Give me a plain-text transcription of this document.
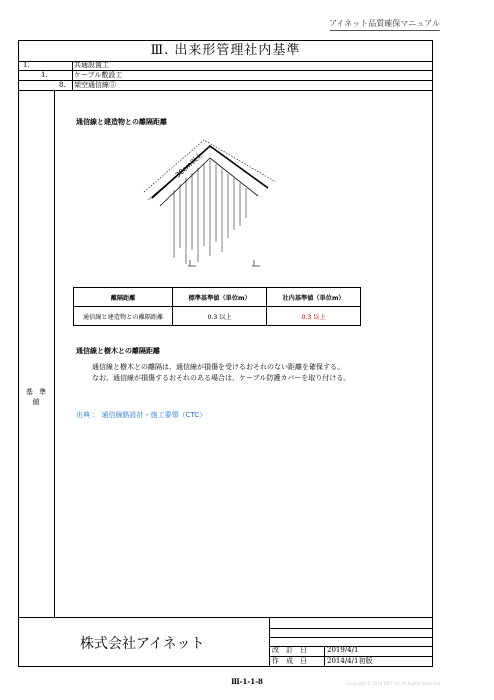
アイネット品質確保マニュアル
Ⅲ. 出来形管理社内基準
1.	共通設置工
1.	ケーブル敷設工
8. 架空通信線⑤
基 準 値
通信線と建造物との離隔距離
30cm以上
離隔距離	標準基準値（単位m）	社内基準値（単位m）
通信線と建造物との離隔距離	0.3 以上	0.3 以上
通信線と樹木との離隔距離
通信線と樹木との離隔は、通信線が損傷を受けるおそれのない距離を確保する。
なお、通信線が損傷するおそれのある場合は、ケーブル防護カバーを取り付ける。
出典 ： 通信線路設計・施工要領（CTC）
株式会社アイネット	改　訂　日	2019/4/1
作　成　日	2014/4/1初版
Ⅲ-1-1-8	Copyright © 2014 INET Inc.All Rights Reserved
